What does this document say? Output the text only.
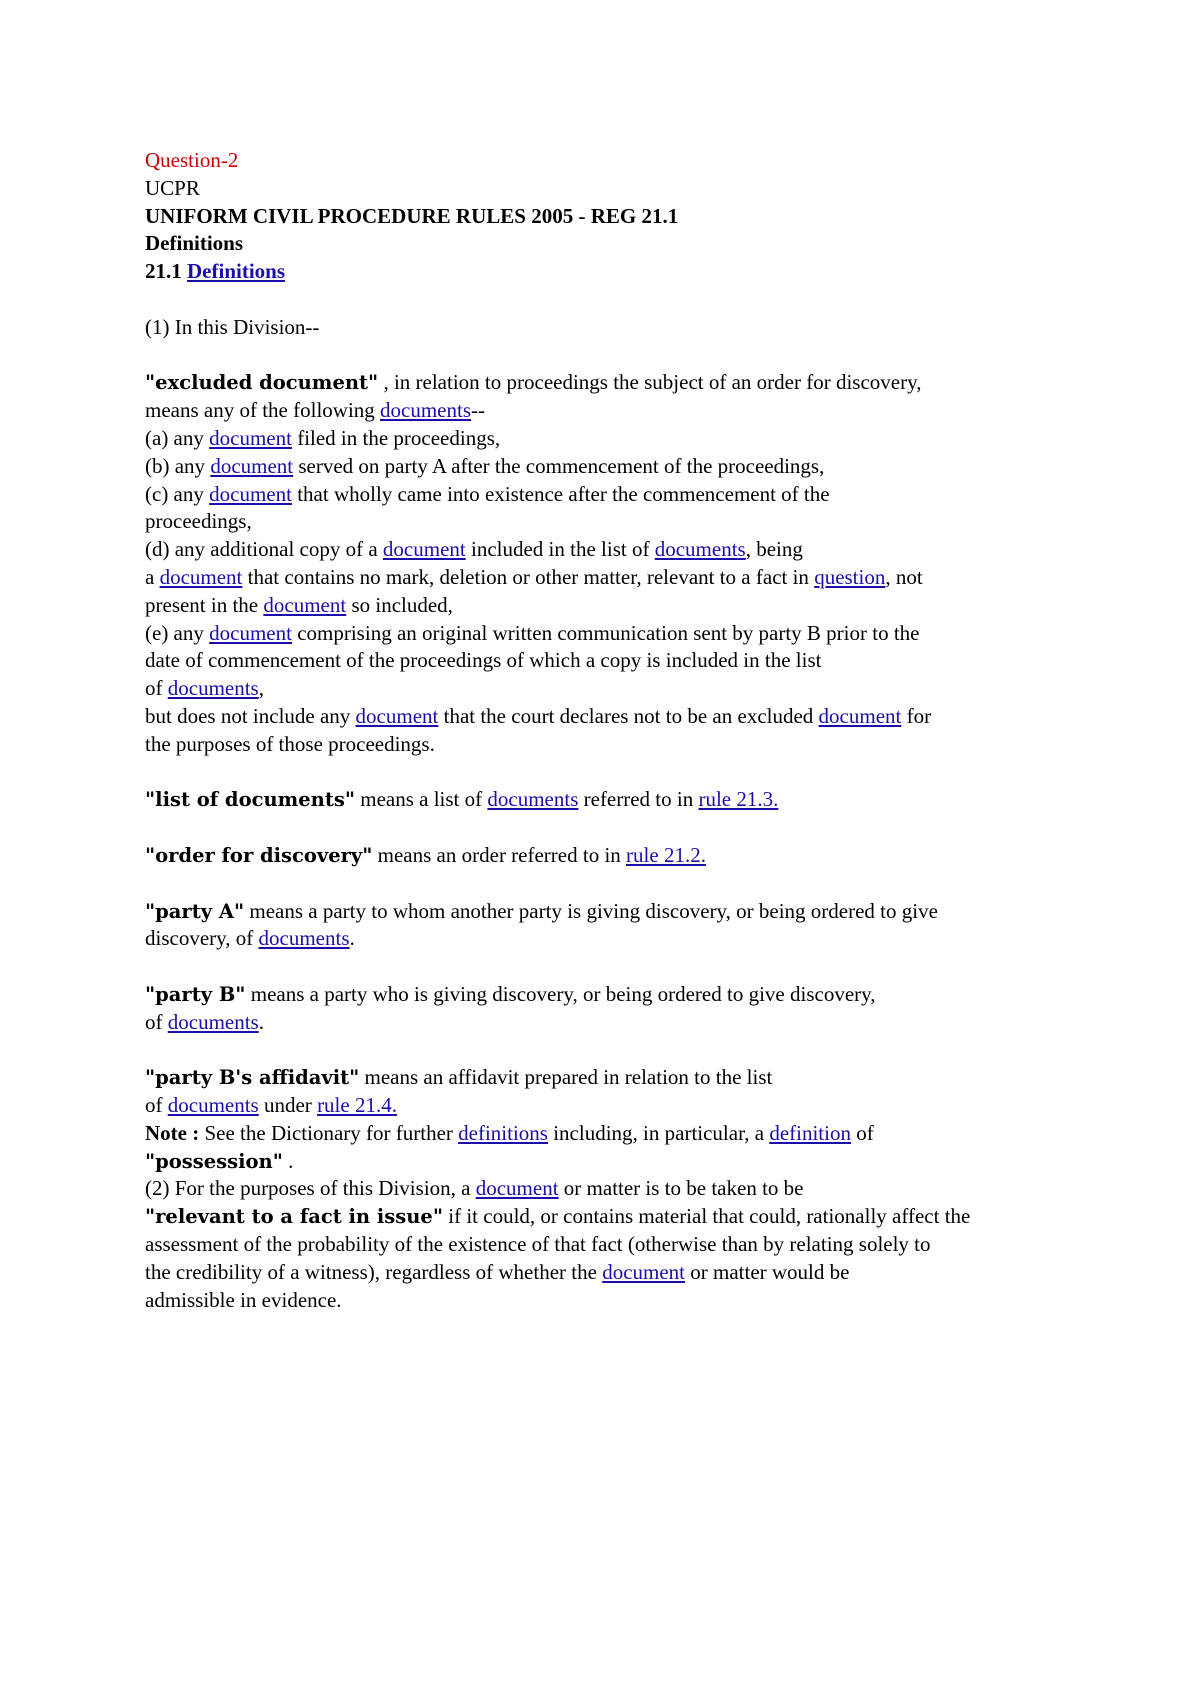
Question-2
UCPR
UNIFORM CIVIL PROCEDURE RULES 2005 - REG 21.1
Definitions
21.1 Definitions
(1) In this Division--
"excluded document" , in relation to proceedings the subject of an order for discovery,
means any of the following documents--
(a) any document filed in the proceedings,
(b) any document served on party A after the commencement of the proceedings,
(c) any document that wholly came into existence after the commencement of the
proceedings,
(d) any additional copy of a document included in the list of documents, being
a document that contains no mark, deletion or other matter, relevant to a fact in question, not
present in the document so included,
(e) any document comprising an original written communication sent by party B prior to the
date of commencement of the proceedings of which a copy is included in the list
of documents,
but does not include any document that the court declares not to be an excluded document for
the purposes of those proceedings.
"list of documents" means a list of documents referred to in rule 21.3.
"order for discovery" means an order referred to in rule 21.2.
"party A" means a party to whom another party is giving discovery, or being ordered to give
discovery, of documents.
"party B" means a party who is giving discovery, or being ordered to give discovery,
of documents.
"party B's affidavit" means an affidavit prepared in relation to the list
of documents under rule 21.4.
Note : See the Dictionary for further definitions including, in particular, a definition of
"possession" .
(2) For the purposes of this Division, a document or matter is to be taken to be
"relevant to a fact in issue" if it could, or contains material that could, rationally affect the
assessment of the probability of the existence of that fact (otherwise than by relating solely to
the credibility of a witness), regardless of whether the document or matter would be
admissible in evidence.
